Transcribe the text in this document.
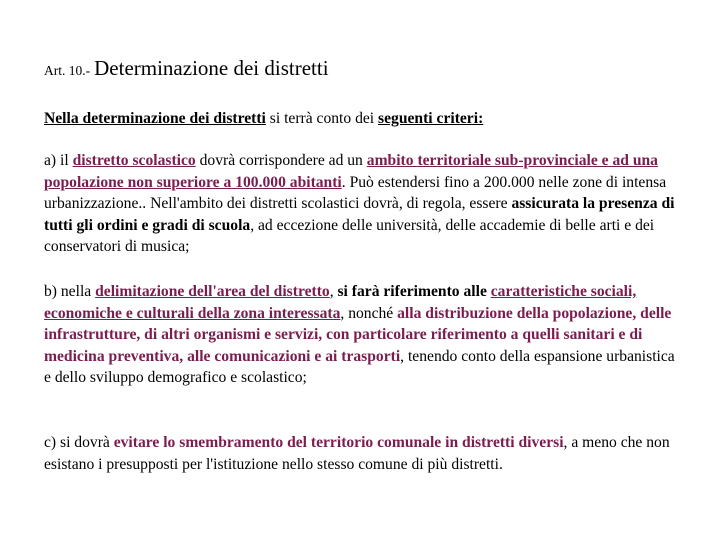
Art. 10.- Determinazione dei distretti

Nella determinazione dei distretti si terrà conto dei seguenti criteri:

a) il distretto scolastico dovrà corrispondere ad un ambito territoriale sub-provinciale e ad una popolazione non superiore a 100.000 abitanti. Può estendersi fino a 200.000 nelle zone di intensa urbanizzazione.. Nell'ambito dei distretti scolastici dovrà, di regola, essere assicurata la presenza di tutti gli ordini e gradi di scuola, ad eccezione delle università, delle accademie di belle arti e dei conservatori di musica;

b) nella delimitazione dell'area del distretto, si farà riferimento alle caratteristiche sociali, economiche e culturali della zona interessata, nonché alla distribuzione della popolazione, delle infrastrutture, di altri organismi e servizi, con particolare riferimento a quelli sanitari e di medicina preventiva, alle comunicazioni e ai trasporti, tenendo conto della espansione urbanistica e dello sviluppo demografico e scolastico;

c) si dovrà evitare lo smembramento del territorio comunale in distretti diversi, a meno che non esistano i presupposti per l'istituzione nello stesso comune di più distretti.
